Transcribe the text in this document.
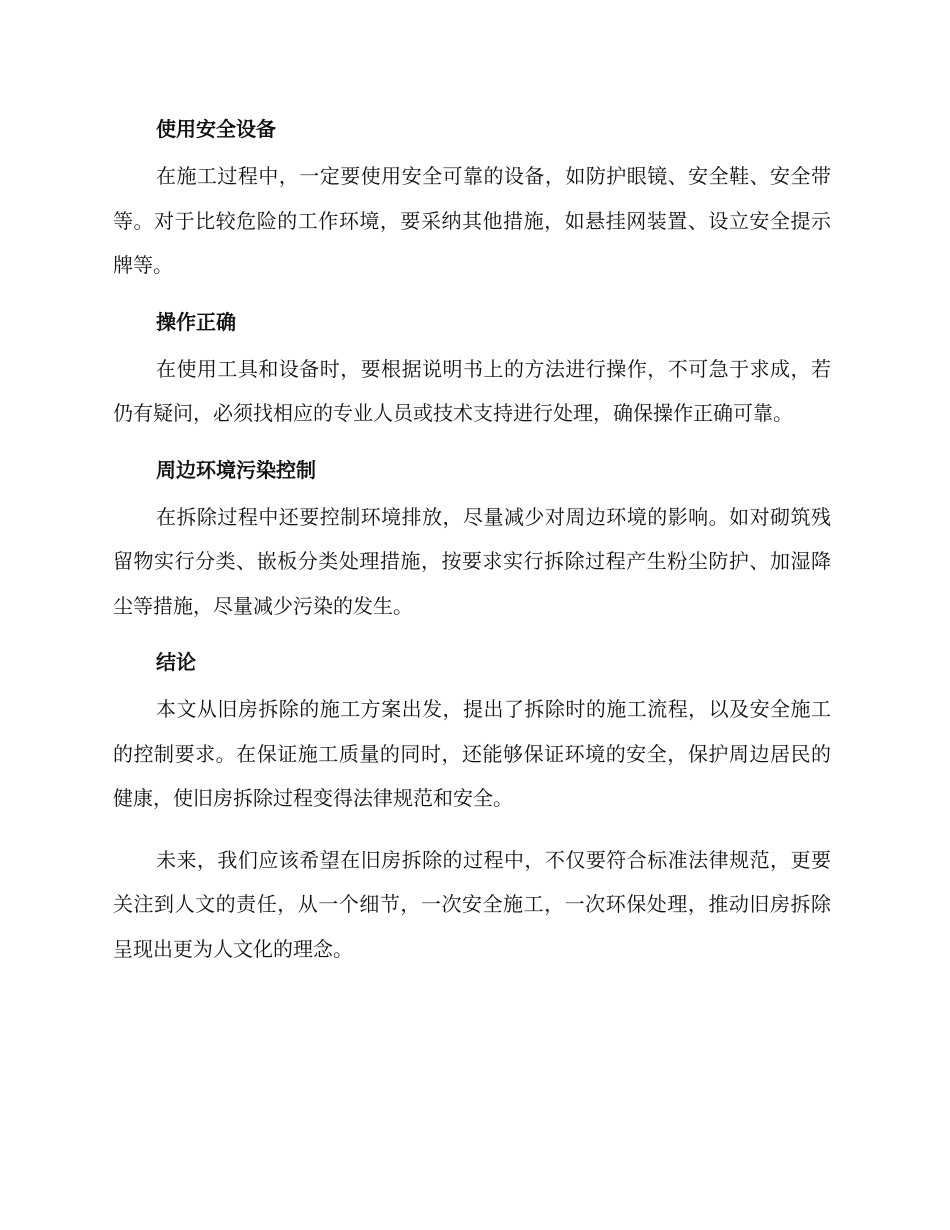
使用安全设备

在施工过程中，一定要使用安全可靠的设备，如防护眼镜、安全鞋、安全带等。对于比较危险的工作环境，要采纳其他措施，如悬挂网装置、设立安全提示牌等。

操作正确

在使用工具和设备时，要根据说明书上的方法进行操作，不可急于求成，若仍有疑问，必须找相应的专业人员或技术支持进行处理，确保操作正确可靠。

周边环境污染控制

在拆除过程中还要控制环境排放，尽量减少对周边环境的影响。如对砌筑残留物实行分类、嵌板分类处理措施，按要求实行拆除过程产生粉尘防护、加湿降尘等措施，尽量减少污染的发生。

结论

本文从旧房拆除的施工方案出发，提出了拆除时的施工流程，以及安全施工的控制要求。在保证施工质量的同时，还能够保证环境的安全，保护周边居民的健康，使旧房拆除过程变得法律规范和安全。

未来，我们应该希望在旧房拆除的过程中，不仅要符合标准法律规范，更要关注到人文的责任，从一个细节，一次安全施工，一次环保处理，推动旧房拆除呈现出更为人文化的理念。
